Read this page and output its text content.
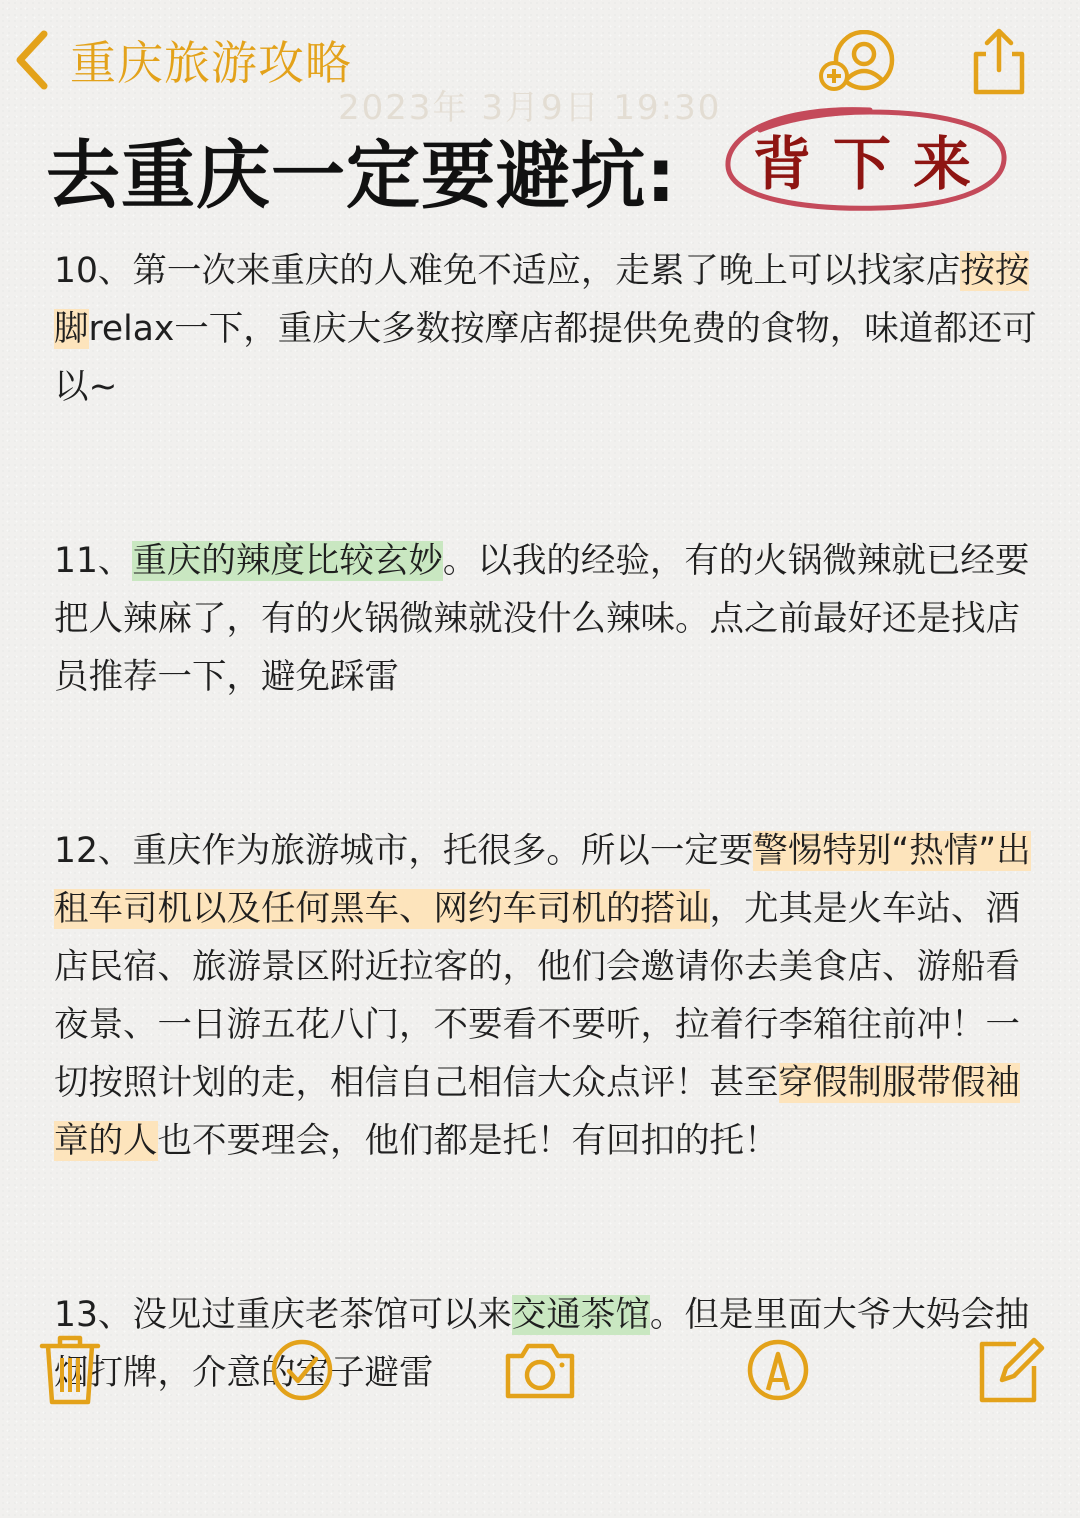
重庆旅游攻略
2023年 3月9日 19:30
去重庆一定要避坑:	背下来

10、第一次来重庆的人难免不适应，走累了晚上可以找家店按按脚relax一下，重庆大多数按摩店都提供免费的食物，味道都还可以~

11、重庆的辣度比较玄妙。以我的经验，有的火锅微辣就已经要把人辣麻了，有的火锅微辣就没什么辣味。点之前最好还是找店员推荐一下，避免踩雷

12、重庆作为旅游城市，托很多。所以一定要警惕特别“热情”出租车司机以及任何黑车、网约车司机的搭讪，尤其是火车站、酒店民宿、旅游景区附近拉客的，他们会邀请你去美食店、游船看夜景、一日游五花八门，不要看不要听，拉着行李箱往前冲！一切按照计划的走，相信自己相信大众点评！甚至穿假制服带假袖章的人也不要理会，他们都是托！有回扣的托！

13、没见过重庆老茶馆可以来交通茶馆。但是里面大爷大妈会抽烟打牌，介意的宝子避雷
